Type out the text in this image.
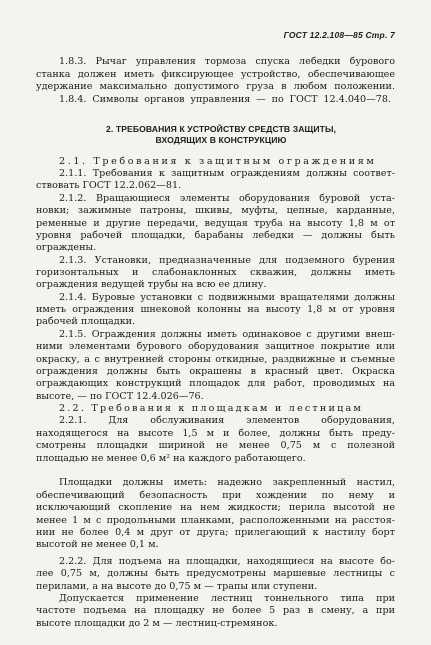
ГОСТ 12.2.108—85 Стр. 7
1.8.3. Рычаг управления тормоза спуска лебедки бурового
станка должен иметь фиксирующее устройство, обеспечивающее
удержание максимально допустимого груза в любом положении.
1.8.4. Символы органов управления — по ГОСТ 12.4.040—78.
2. ТРЕБОВАНИЯ К УСТРОЙСТВУ СРЕДСТВ ЗАЩИТЫ,
ВХОДЯЩИХ В КОНСТРУКЦИЮ
2.1. Требования к защитным ограждениям
2.1.1. Требования к защитным ограждениям должны соответ-
ствовать ГОСТ 12.2.062—81.
2.1.2. Вращающиеся элементы оборудования буровой уста-
новки; зажимные патроны, шкивы, муфты, цепные, карданные,
ременные и другие передачи, ведущая труба на высоту 1,8 м от
уровня рабочей площадки, барабаны лебедки — должны быть
ограждены.
2.1.3. Установки, предназначенные для подземного бурения
горизонтальных и слабонаклонных скважин, должны иметь
ограждения ведущей трубы на всю ее длину.
2.1.4. Буровые установки с подвижными вращателями должны
иметь ограждения шнековой колонны на высоту 1,8 м от уровня
рабочей площадки.
2.1.5. Ограждения должны иметь одинаковое с другими внеш-
ними элементами бурового оборудования защитное покрытие или
окраску, а с внутренней стороны откидные, раздвижные и съемные
ограждения должны быть окрашены в красный цвет. Окраска
ограждающих конструкций площадок для работ, проводимых на
высоте, — по ГОСТ 12.4.026—76.
2.2. Требования к площадкам и лестницам
2.2.1. Для обслуживания элементов оборудования,
находящегося на высоте 1,5 м и более, должны быть преду-
смотрены площадки шириной не менее 0,75 м с полезной
площадью не менее 0,6 м² на каждого работающего.
Площадки должны иметь: надежно закрепленный настил,
обеспечивающий безопасность при хождении по нему и
исключающий скопление на нем жидкости; перила высотой не
менее 1 м с продольными планками, расположенными на расстоя-
нии не более 0,4 м друг от друга; прилегающий к настилу борт
высотой не менее 0,1 м.
2.2.2. Для подъема на площадки, находящиеся на высоте бо-
лее 0,75 м, должны быть предусмотрены маршевые лестницы с
перилами, а на высоте до 0,75 м — трапы или ступени.
Допускается применение лестниц тоннельного типа при
частоте подъема на площадку не более 5 раз в смену, а при
высоте площадки до 2 м — лестниц-стремянок.
